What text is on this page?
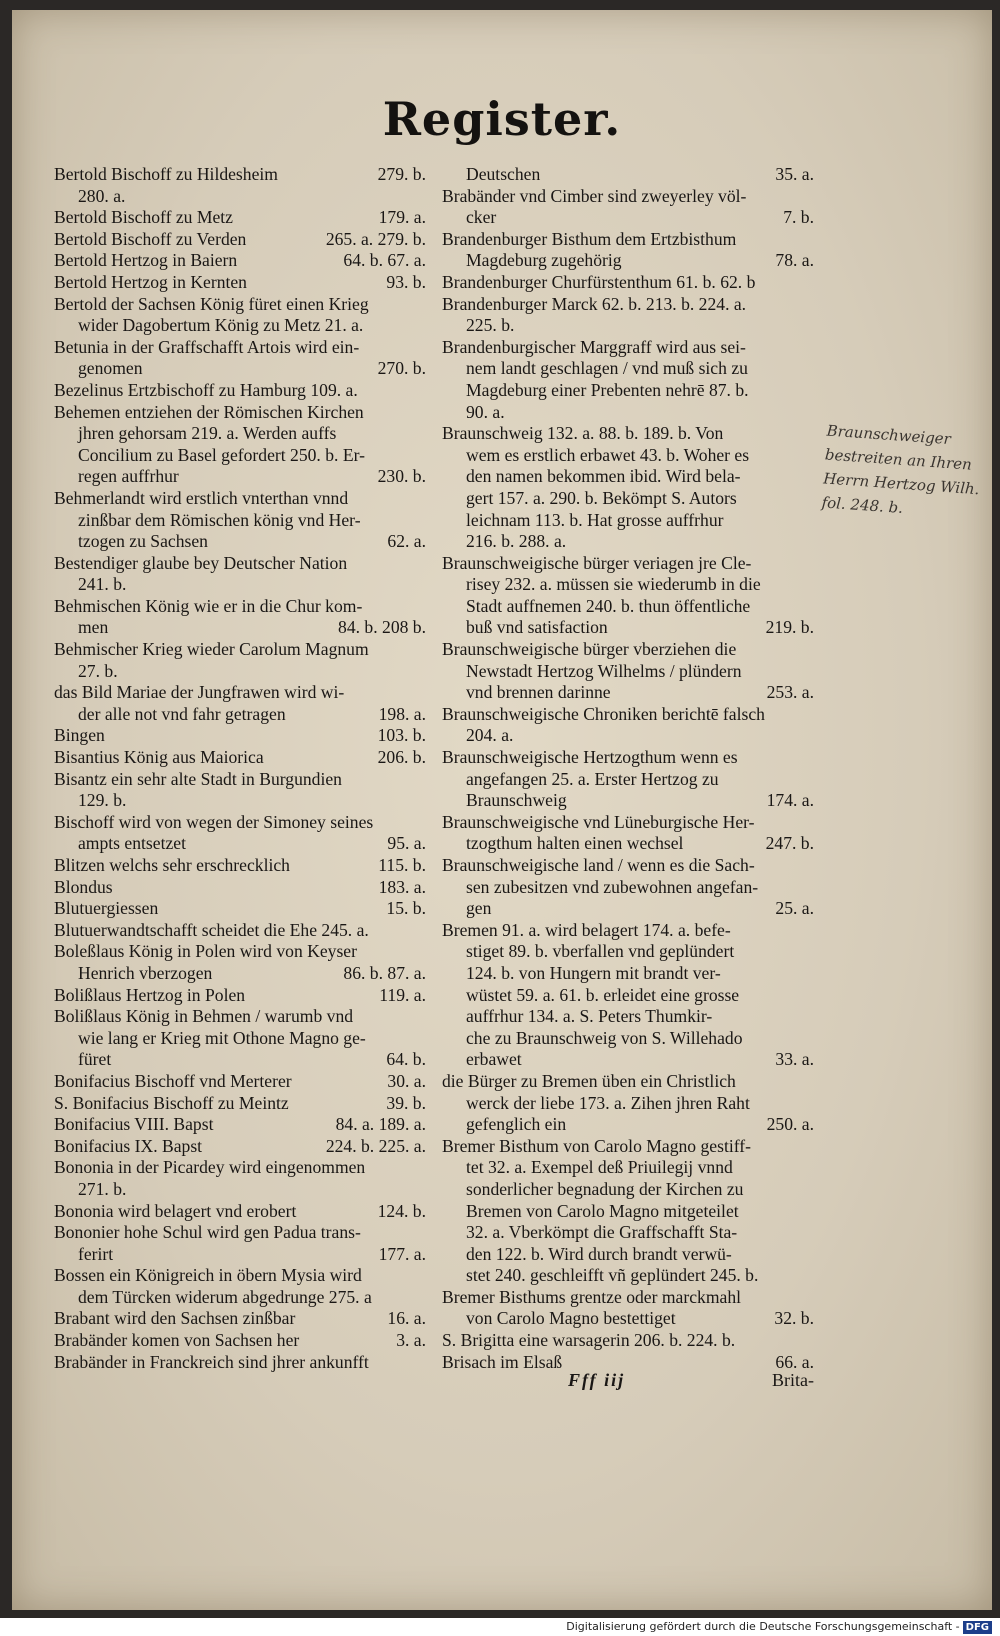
Register.
279. b.
Bertold Bischoff zu Hildesheim
280. a.
179. a.
Bertold Bischoff zu Metz
265. a. 279. b.
Bertold Bischoff zu Verden
64. b. 67. a.
Bertold Hertzog in Baiern
93. b.
Bertold Hertzog in Kernten
Bertold der Sachsen König füret einen Krieg
wider Dagobertum König zu Metz 21. a.
Betunia in der Graffschafft Artois wird ein-
270. b.
genomen
Bezelinus Ertzbischoff zu Hamburg 109. a.
Behemen entziehen der Römischen Kirchen
jhren gehorsam 219. a. Werden auffs
Concilium zu Basel gefordert 250. b. Er-
230. b.
regen auffrhur
Behmerlandt wird erstlich vnterthan vnnd
zinßbar dem Römischen könig vnd Her-
62. a.
tzogen zu Sachsen
Bestendiger glaube bey Deutscher Nation
241. b.
Behmischen König wie er in die Chur kom-
84. b. 208 b.
men
Behmischer Krieg wieder Carolum Magnum
27. b.
das Bild Mariae der Jungfrawen wird wi-
198. a.
der alle not vnd fahr getragen
103. b.
Bingen
206. b.
Bisantius König aus Maiorica
Bisantz ein sehr alte Stadt in Burgundien
129. b.
Bischoff wird von wegen der Simoney seines
95. a.
ampts entsetzet
115. b.
Blitzen welchs sehr erschrecklich
183. a.
Blondus
15. b.
Blutuergiessen
Blutuerwandtschafft scheidet die Ehe 245. a.
Boleßlaus König in Polen wird von Keyser
86. b. 87. a.
Henrich vberzogen
119. a.
Bolißlaus Hertzog in Polen
Bolißlaus König in Behmen / warumb vnd
wie lang er Krieg mit Othone Magno ge-
64. b.
füret
30. a.
Bonifacius Bischoff vnd Merterer
39. b.
S. Bonifacius Bischoff zu Meintz
84. a. 189. a.
Bonifacius VIII. Bapst
224. b. 225. a.
Bonifacius IX. Bapst
Bononia in der Picardey wird eingenommen
271. b.
124. b.
Bononia wird belagert vnd erobert
Bononier hohe Schul wird gen Padua trans-
177. a.
ferirt
Bossen ein Königreich in öbern Mysia wird
dem Türcken widerum abgedrunge 275. a
16. a.
Brabant wird den Sachsen zinßbar
3. a.
Brabänder komen von Sachsen her
Brabänder in Franckreich sind jhrer ankunfft
35. a.
Deutschen
Brabänder vnd Cimber sind zweyerley völ-
7. b.
cker
Brandenburger Bisthum dem Ertzbisthum
78. a.
Magdeburg zugehörig
Brandenburger Churfürstenthum 61. b. 62. b
Brandenburger Marck 62. b. 213. b. 224. a.
225. b.
Brandenburgischer Marggraff wird aus sei-
nem landt geschlagen / vnd muß sich zu
Magdeburg einer Prebenten nehrē 87. b.
90. a.
Braunschweig 132. a. 88. b. 189. b. Von
wem es erstlich erbawet 43. b. Woher es
den namen bekommen ibid. Wird bela-
gert 157. a. 290. b. Bekömpt S. Autors
leichnam 113. b. Hat grosse auffrhur
216. b. 288. a.
Braunschweigische bürger veriagen jre Cle-
risey 232. a. müssen sie wiederumb in die
Stadt auffnemen 240. b. thun öffentliche
219. b.
buß vnd satisfaction
Braunschweigische bürger vberziehen die
Newstadt Hertzog Wilhelms / plündern
253. a.
vnd brennen darinne
Braunschweigische Chroniken berichtē falsch
204. a.
Braunschweigische Hertzogthum wenn es
angefangen 25. a. Erster Hertzog zu
174. a.
Braunschweig
Braunschweigische vnd Lüneburgische Her-
247. b.
tzogthum halten einen wechsel
Braunschweigische land / wenn es die Sach-
sen zubesitzen vnd zubewohnen angefan-
25. a.
gen
Bremen 91. a. wird belagert 174. a. befe-
stiget 89. b. vberfallen vnd geplündert
124. b. von Hungern mit brandt ver-
wüstet 59. a. 61. b. erleidet eine grosse
auffrhur 134. a. S. Peters Thumkir-
che zu Braunschweig von S. Willehado
33. a.
erbawet
die Bürger zu Bremen üben ein Christlich
werck der liebe 173. a. Zihen jhren Raht
250. a.
gefenglich ein
Bremer Bisthum von Carolo Magno gestiff-
tet 32. a. Exempel deß Priuilegij vnnd
sonderlicher begnadung der Kirchen zu
Bremen von Carolo Magno mitgeteilet
32. a. Vberkömpt die Graffschafft Sta-
den 122. b. Wird durch brandt verwü-
stet 240. geschleifft vñ geplündert 245. b.
Bremer Bisthums grentze oder marckmahl
32. b.
von Carolo Magno bestettiget
S. Brigitta eine warsagerin 206. b. 224. b.
66. a.
Brisach im Elsaß
Fff iij	Brita-
Braunschweiger
bestreiten an Ihren
Herrn Hertzog Wilh.
fol. 248. b.
Digitalisierung gefördert durch die Deutsche Forschungsgemeinschaft - DFG
